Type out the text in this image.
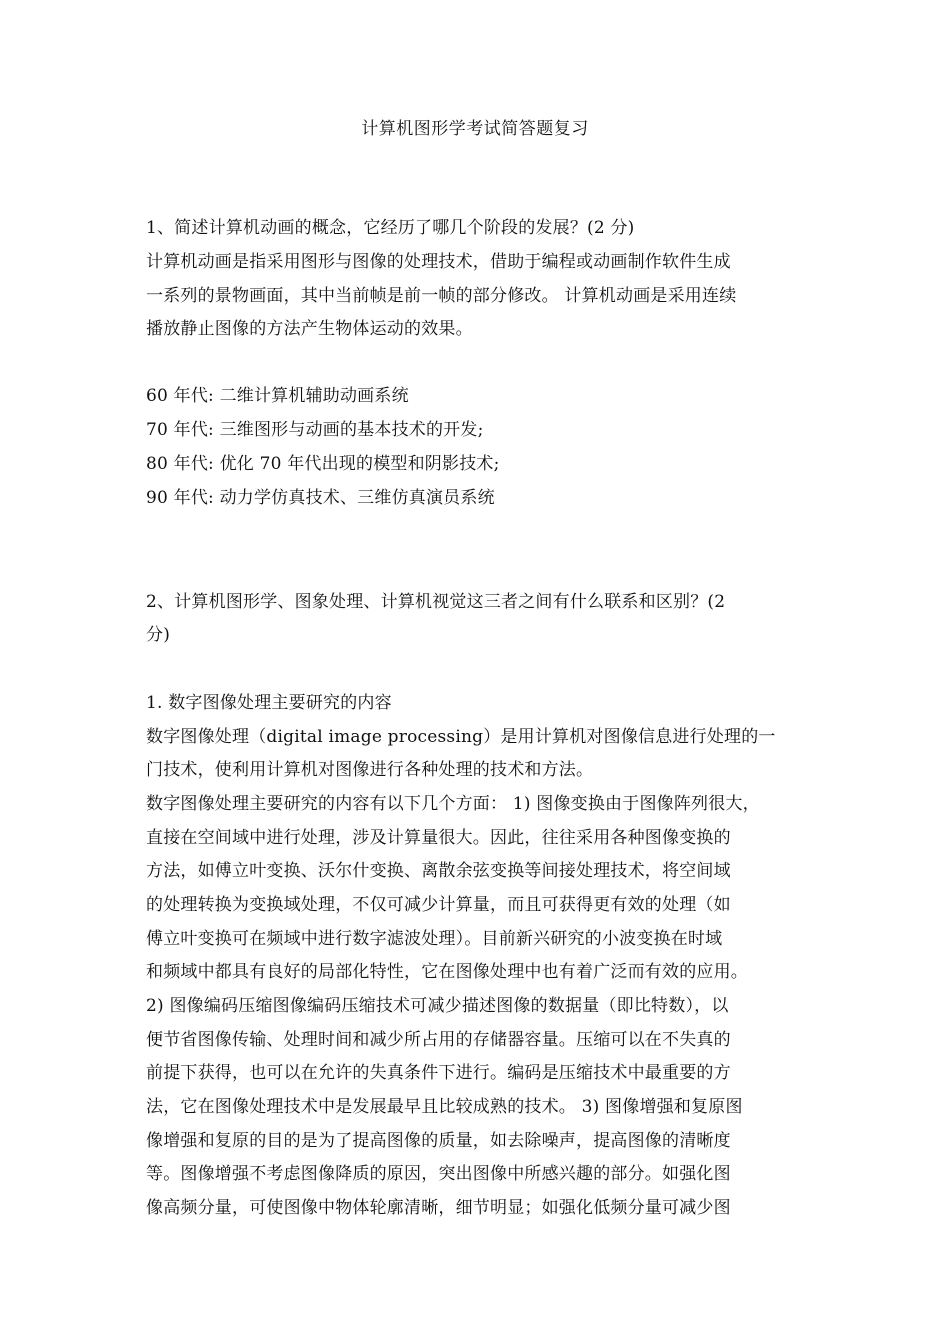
计算机图形学考试简答题复习
1、简述计算机动画的概念，它经历了哪几个阶段的发展？(2 分)
计算机动画是指采用图形与图像的处理技术，借助于编程或动画制作软件生成
一系列的景物画面，其中当前帧是前一帧的部分修改。 计算机动画是采用连续
播放静止图像的方法产生物体运动的效果。
60 年代: 二维计算机辅助动画系统
70 年代: 三维图形与动画的基本技术的开发;
80 年代: 优化 70 年代出现的模型和阴影技术;
90 年代: 动力学仿真技术、三维仿真演员系统
2、计算机图形学、图象处理、计算机视觉这三者之间有什么联系和区别？(2
分)
1. 数字图像处理主要研究的内容
数字图像处理（digital image processing）是用计算机对图像信息进行处理的一
门技术，使利用计算机对图像进行各种处理的技术和方法。
数字图像处理主要研究的内容有以下几个方面： 1) 图像变换由于图像阵列很大，
直接在空间域中进行处理，涉及计算量很大。因此，往往采用各种图像变换的
方法，如傅立叶变换、沃尔什变换、离散余弦变换等间接处理技术，将空间域
的处理转换为变换域处理，不仅可减少计算量，而且可获得更有效的处理（如
傅立叶变换可在频域中进行数字滤波处理）。目前新兴研究的小波变换在时域
和频域中都具有良好的局部化特性，它在图像处理中也有着广泛而有效的应用。
2) 图像编码压缩图像编码压缩技术可减少描述图像的数据量（即比特数），以
便节省图像传输、处理时间和减少所占用的存储器容量。压缩可以在不失真的
前提下获得，也可以在允许的失真条件下进行。编码是压缩技术中最重要的方
法，它在图像处理技术中是发展最早且比较成熟的技术。 3) 图像增强和复原图
像增强和复原的目的是为了提高图像的质量，如去除噪声，提高图像的清晰度
等。图像增强不考虑图像降质的原因，突出图像中所感兴趣的部分。如强化图
像高频分量，可使图像中物体轮廓清晰，细节明显；如强化低频分量可减少图
